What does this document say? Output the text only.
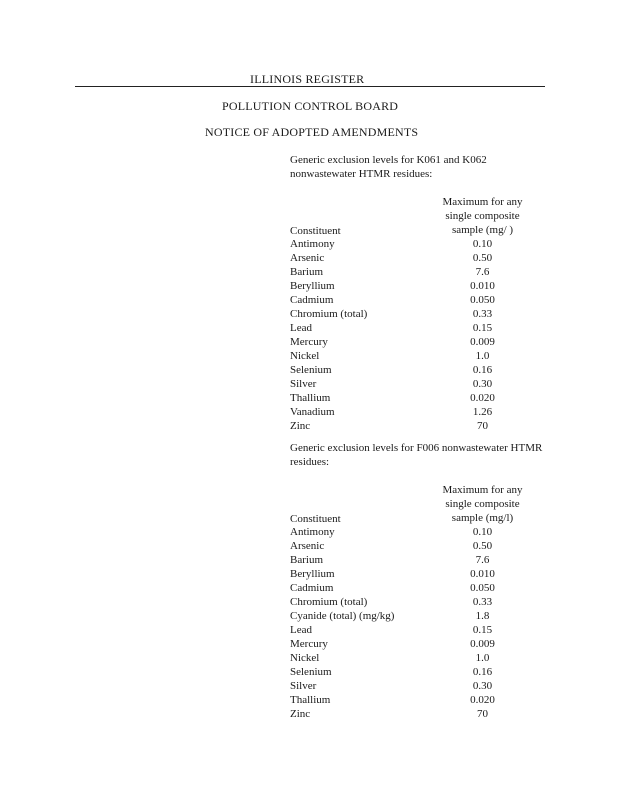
ILLINOIS REGISTER
POLLUTION CONTROL BOARD
NOTICE OF ADOPTED AMENDMENTS
Generic exclusion levels for K061 and K062 nonwastewater HTMR residues:
Constituent	Maximum for any single composite sample (mg/ )
Antimony	0.10
Arsenic	0.50
Barium	7.6
Beryllium	0.010
Cadmium	0.050
Chromium (total)	0.33
Lead	0.15
Mercury	0.009
Nickel	1.0
Selenium	0.16
Silver	0.30
Thallium	0.020
Vanadium	1.26
Zinc	70
Generic exclusion levels for F006 nonwastewater HTMR residues:
Constituent	Maximum for any single composite sample (mg/l)
Antimony	0.10
Arsenic	0.50
Barium	7.6
Beryllium	0.010
Cadmium	0.050
Chromium (total)	0.33
Cyanide (total) (mg/kg)	1.8
Lead	0.15
Mercury	0.009
Nickel	1.0
Selenium	0.16
Silver	0.30
Thallium	0.020
Zinc	70
